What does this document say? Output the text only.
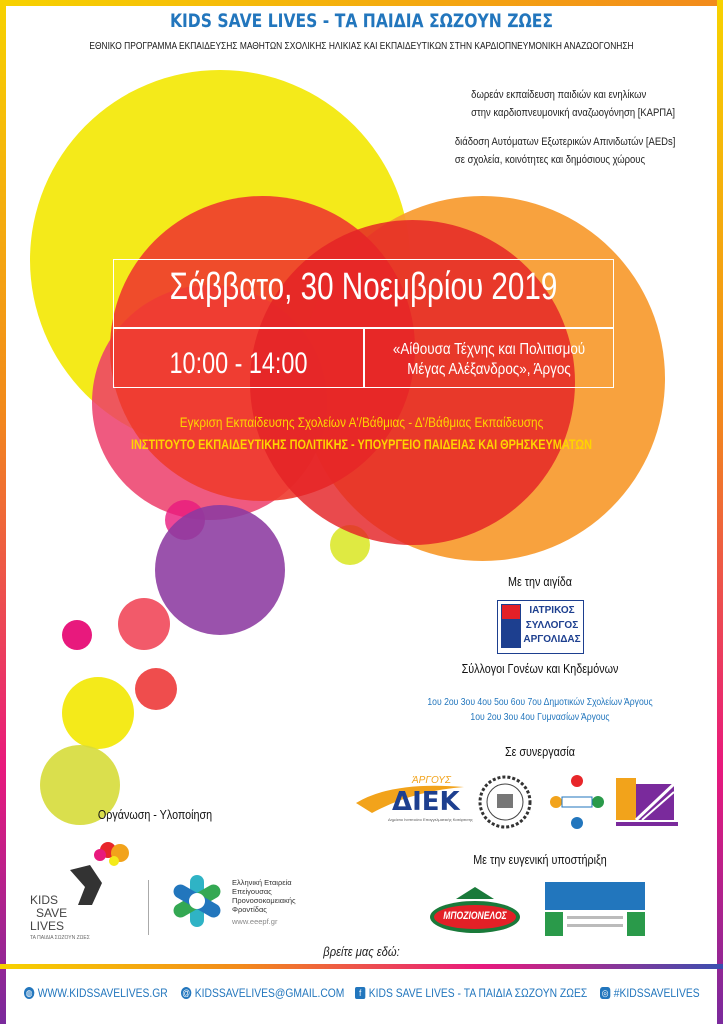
KIDS SAVE LIVES - ΤΑ ΠΑΙΔΙΑ ΣΩΖΟΥΝ ΖΩΕΣ
ΕΘΝΙΚΟ ΠΡΟΓΡΑΜΜΑ ΕΚΠΑΙΔΕΥΣΗΣ ΜΑΘΗΤΩΝ ΣΧΟΛΙΚΗΣ ΗΛΙΚΙΑΣ ΚΑΙ ΕΚΠΑΙΔΕΥΤΙΚΩΝ ΣΤΗΝ ΚΑΡΔΙΟΠΝΕΥΜΟΝΙΚΗ ΑΝΑΖΩΟΓΟΝΗΣΗ
δωρεάν εκπαίδευση παιδιών και ενηλίκων
στην καρδιοπνευμονική αναζωογόνηση [ΚΑΡΠΑ]
διάδοση Αυτόματων Εξωτερικών Απινιδωτών [AEDs]
σε σχολεία, κοινότητες και δημόσιους χώρους
Σάββατο, 30 Νοεμβρίου 2019
10:00 - 14:00	«Αίθουσα Τέχνης και Πολιτισμού
Μέγας Αλέξανδρος», Άργος
Εγκριση Εκπαίδευσης Σχολείων Α'/Βάθμιας - Δ'/Βάθμιας Εκπαίδευσης
ΙΝΣΤΙΤΟΥΤΟ ΕΚΠΑΙΔΕΥΤΙΚΗΣ ΠΟΛΙΤΙΚΗΣ - ΥΠΟΥΡΓΕΙΟ ΠΑΙΔΕΙΑΣ ΚΑΙ ΘΡΗΣΚΕΥΜΑΤΩΝ
Με την αιγίδα
ΙΑΤΡΙΚΟΣ
ΣΥΛΛΟΓΟΣ
ΑΡΓΟΛΙΔΑΣ
Σύλλογοι Γονέων και Κηδεμόνων
1ου 2ου 3ου 4ου 5ου 6ου 7ου Δημοτικών Σχολείων Άργους
1ου 2ου 3ου 4ου Γυμνασίων Άργους
Σε συνεργασία
ΆΡΓΟΥΣ
ΔΙΕΚ
Δημόσιο Ινστιτούτο Επαγγελματικής Κατάρτισης
Οργάνωση - Υλοποίηση
KIDS
SAVE
LIVES
ΤΑ ΠΑΙΔΙΑ ΣΩΖΟΥΝ ΖΩΕΣ
Ελληνική Εταιρεία
Επείγουσας
Προνοσοκομειακής
Φροντίδας
www.eeepf.gr
Με την ευγενική υποστήριξη
ΜΠΟΖΙΟΝΕΛΟΣ
βρείτε μας εδώ:
◍ WWW.KIDSSAVELIVES.GR @ KIDSSAVELIVES@GMAIL.COM	f KIDS SAVE LIVES - ΤΑ ΠΑΙΔΙΑ ΣΩΖΟΥΝ ΖΩΕΣ ◎ #KIDSSAVELIVES
